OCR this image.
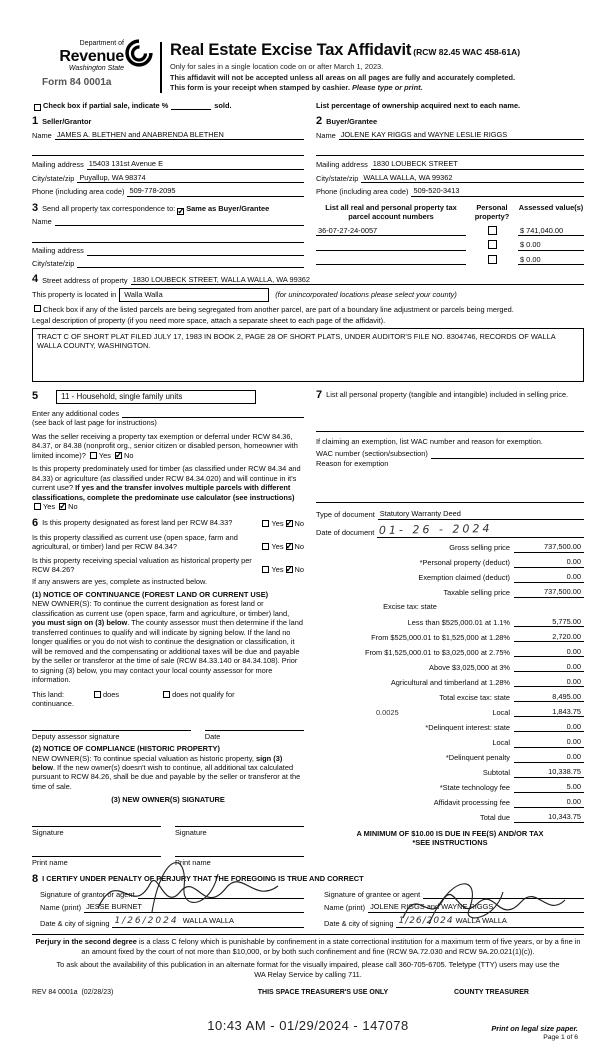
Department of
Revenue
Washington State
Form 84 0001a
Real Estate Excise Tax Affidavit (RCW 82.45 WAC 458-61A)
Only for sales in a single location code on or after March 1, 2023.
This affidavit will not be accepted unless all areas on all pages are fully and accurately completed.
This form is your receipt when stamped by cashier. Please type or print.
Check box if partial sale, indicate %	sold.	List percentage of ownership acquired next to each name.
1 Seller/Grantor
Name JAMES A. BLETHEN and ANABRENDA BLETHEN
Mailing address 15403 131st Avenue E
City/state/zip Puyallup, WA 98374
Phone (including area code) 509-778-2095
2 Buyer/Grantee
Name JOLENE KAY RIGGS and WAYNE LESLIE RIGGS
Mailing address 1830 LOUBECK STREET
City/state/zip WALLA WALLA, WA 99362
Phone (including area code) 509-520-3413
3 Send all property tax correspondence to: ✓ Same as Buyer/Grantee
Name
Mailing address
City/state/zip
List all real and personal property tax parcel account numbers
Personal property?
Assessed value(s)
36-07-27-24-0057	$ 741,040.00
$ 0.00
$ 0.00
4 Street address of property 1830 LOUBECK STREET, WALLA WALLA, WA 99362
This property is located in	Walla Walla	(for unincorporated locations please select your county)
Check box if any of the listed parcels are being segregated from another parcel, are part of a boundary line adjustment or parcels being merged.
Legal description of property (if you need more space, attach a separate sheet to each page of the affidavit).
TRACT C OF SHORT PLAT FILED JULY 17, 1983 IN BOOK 2, PAGE 28 OF SHORT PLATS, UNDER AUDITOR'S FILE NO. 8304746, RECORDS OF WALLA WALLA COUNTY, WASHINGTON.
5	11 - Household, single family units
Enter any additional codes
(see back of last page for instructions)
Was the seller receiving a property tax exemption or deferral under RCW 84.36, 84.37, or 84.38 (nonprofit org., senior citizen or disabled person, homeowner with limited income)? Yes ✓ No
Is this property predominately used for timber (as classified under RCW 84.34 and 84.33) or agriculture (as classified under RCW 84.34.020) and will continue in it's current use? If yes and the transfer involves multiple parcels with different classifications, complete the predominate use calculator (see instructions) Yes ✓ No
6 Is this property designated as forest land per RCW 84.33?	Yes ✓ No
Is this property classified as current use (open space, farm and agricultural, or timber) land per RCW 84.34?	Yes ✓ No
Is this property receiving special valuation as historical property per RCW 84.26?	Yes ✓ No
If any answers are yes, complete as instructed below.
(1) NOTICE OF CONTINUANCE (FOREST LAND OR CURRENT USE)
NEW OWNER(S): To continue the current designation as forest land or classification as current use (open space, farm and agriculture, or timber) land, you must sign on (3) below. The county assessor must then determine if the land transferred continues to qualify and will indicate by signing below. If the land no longer qualifies or you do not wish to continue the designation or classification, it will be removed and the compensating or additional taxes will be due and payable by the seller or transferor at the time of sale (RCW 84.33.140 or 84.34.108). Prior to signing (3) below, you may contact your local county assessor for more information.
This land:	does	does not qualify for
continuance.
Deputy assessor signature	Date
(2) NOTICE OF COMPLIANCE (HISTORIC PROPERTY)
NEW OWNER(S): To continue special valuation as historic property, sign (3) below. If the new owner(s) doesn't wish to continue, all additional tax calculated pursuant to RCW 84.26, shall be due and payable by the seller or transferor at the time of sale.
(3) NEW OWNER(S) SIGNATURE
Signature	Signature
Print name	Print name
7 List all personal property (tangible and intangible) included in selling price.
If claiming an exemption, list WAC number and reason for exemption.
WAC number (section/subsection)
Reason for exemption
Type of document Statutory Warranty Deed
Date of document 01- 26 - 2024
Gross selling price	737,500.00
*Personal property (deduct)	0.00
Exemption claimed (deduct)	0.00
Taxable selling price	737,500.00
Excise tax: state
Less than $525,000.01 at 1.1%	5,775.00
From $525,000.01 to $1,525,000 at 1.28%	2,720.00
From $1,525,000.01 to $3,025,000 at 2.75%	0.00
Above $3,025,000 at 3%	0.00
Agricultural and timberland at 1.28%	0.00
Total excise tax: state	8,495.00
0.0025	Local	1,843.75
*Delinquent interest: state	0.00
Local	0.00
*Delinquent penalty	0.00
Subtotal	10,338.75
*State technology fee	5.00
Affidavit processing fee	0.00
Total due	10,343.75
A MINIMUM OF $10.00 IS DUE IN FEE(S) AND/OR TAX
*SEE INSTRUCTIONS
8 I CERTIFY UNDER PENALTY OF PERJURY THAT THE FOREGOING IS TRUE AND CORRECT
Signature of grantor or agent
Name (print) JESSE BURNET
Date & city of signing 1/26/2024 WALLA WALLA
Signature of grantee or agent
Name (print) JOLENE RIGGS and WAYNE RIGGS
Date & city of signing 1/26/2024 WALLA WALLA
Perjury in the second degree is a class C felony which is punishable by confinement in a state correctional institution for a maximum term of five years, or by a fine in an amount fixed by the court of not more than $10,000, or by both such confinement and fine (RCW 9A.72.030 and RCW 9A.20.021(1)(c)).
To ask about the availability of this publication in an alternate format for the visually impaired, please call 360-705-6705. Teletype (TTY) users may use the WA Relay Service by calling 711.
REV 84 0001a (02/28/23)	THIS SPACE TREASURER'S USE ONLY	COUNTY TREASURER
10:43 AM - 01/29/2024 - 147078	Print on legal size paper.
Page 1 of 6
